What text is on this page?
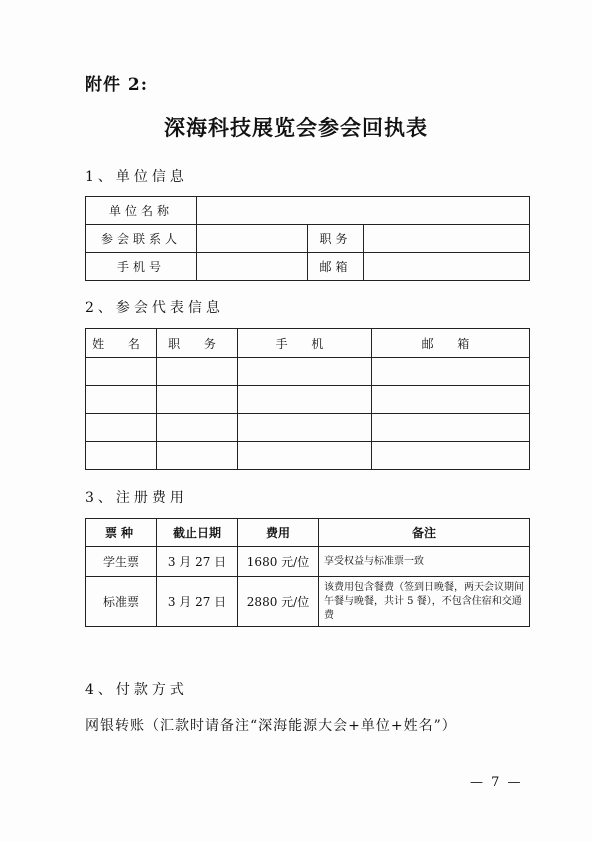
附件 2:
深海科技展览会参会回执表
1、单位信息
单位名称			
参会联系人		职务	
手机号		邮箱	
2、参会代表信息
姓 名	职 务	手 机	邮 箱

3、注册费用
票种	截止日期	费用	备注
学生票	3 月 27 日	1680 元/位	享受权益与标准票一致
标准票	3 月 27 日	2880 元/位	该费用包含餐费（签到日晚餐，两天会议期间午餐与晚餐，共计 5 餐），不包含住宿和交通费
4、付款方式
网银转账（汇款时请备注“深海能源大会+单位+姓名”）
— 7 —
